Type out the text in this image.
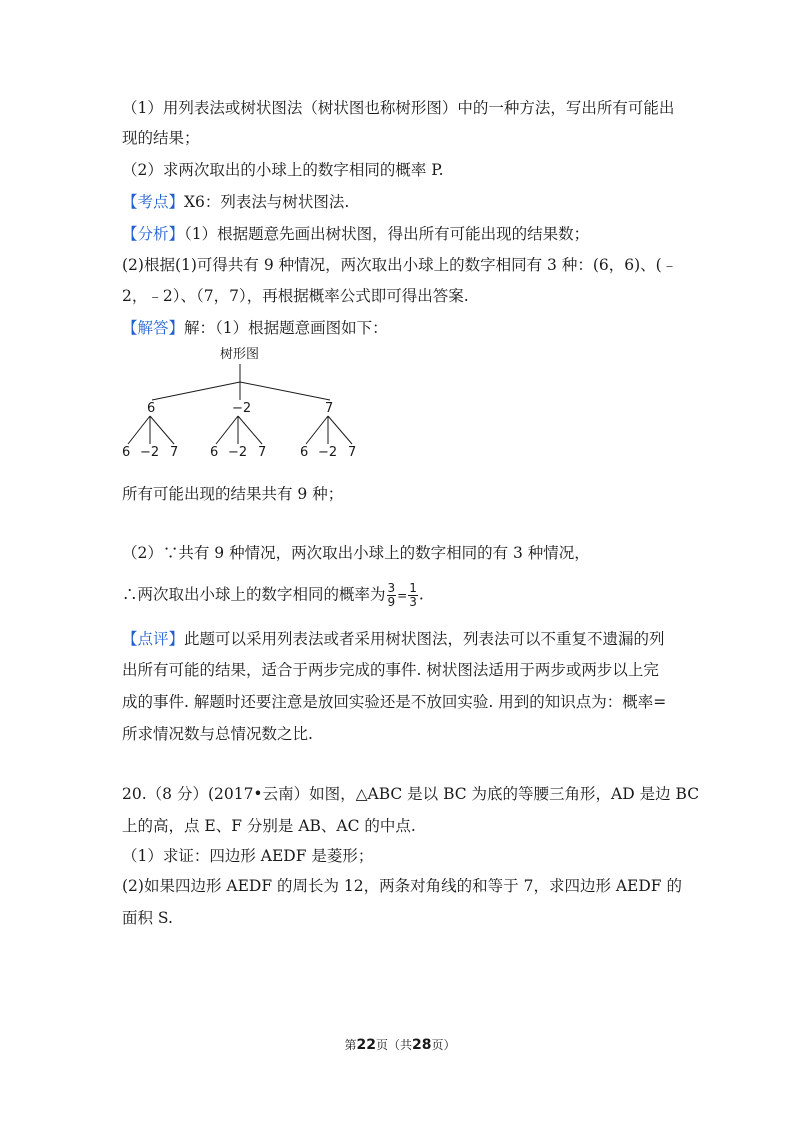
（1）用列表法或树状图法（树状图也称树形图）中的一种方法，写出所有可能出
现的结果；
（2）求两次取出的小球上的数字相同的概率 P.
【考点】X6：列表法与树状图法.
【分析】（1）根据题意先画出树状图，得出所有可能出现的结果数；
(2)根据(1)可得共有 9 种情况，两次取出小球上的数字相同有 3 种：(6，6)、(﹣
2，﹣2）、（7，7），再根据概率公式即可得出答案.
【解答】解：（1）根据题意画图如下：
树形图
6	−2	7
6 −2 7 6 −2 7	6 −2 7
所有可能出现的结果共有 9 种；
（2）∵共有 9 种情况，两次取出小球上的数字相同的有 3 种情况，
∴两次取出小球上的数字相同的概率为 $\frac{3}{9} = \frac{1}{3}$ .
【点评】此题可以采用列表法或者采用树状图法，列表法可以不重复不遗漏的列
出所有可能的结果，适合于两步完成的事件. 树状图法适用于两步或两步以上完
成的事件. 解题时还要注意是放回实验还是不放回实验. 用到的知识点为：概率=
所求情况数与总情况数之比.
20.（8 分）(2017•云南）如图，△ABC 是以 BC 为底的等腰三角形，AD 是边 BC
上的高，点 E、F 分别是 AB、AC 的中点.
（1）求证：四边形 AEDF 是菱形；
(2)如果四边形 AEDF 的周长为 12，两条对角线的和等于 7，求四边形 AEDF 的
面积 S.
第22页（共28页）
